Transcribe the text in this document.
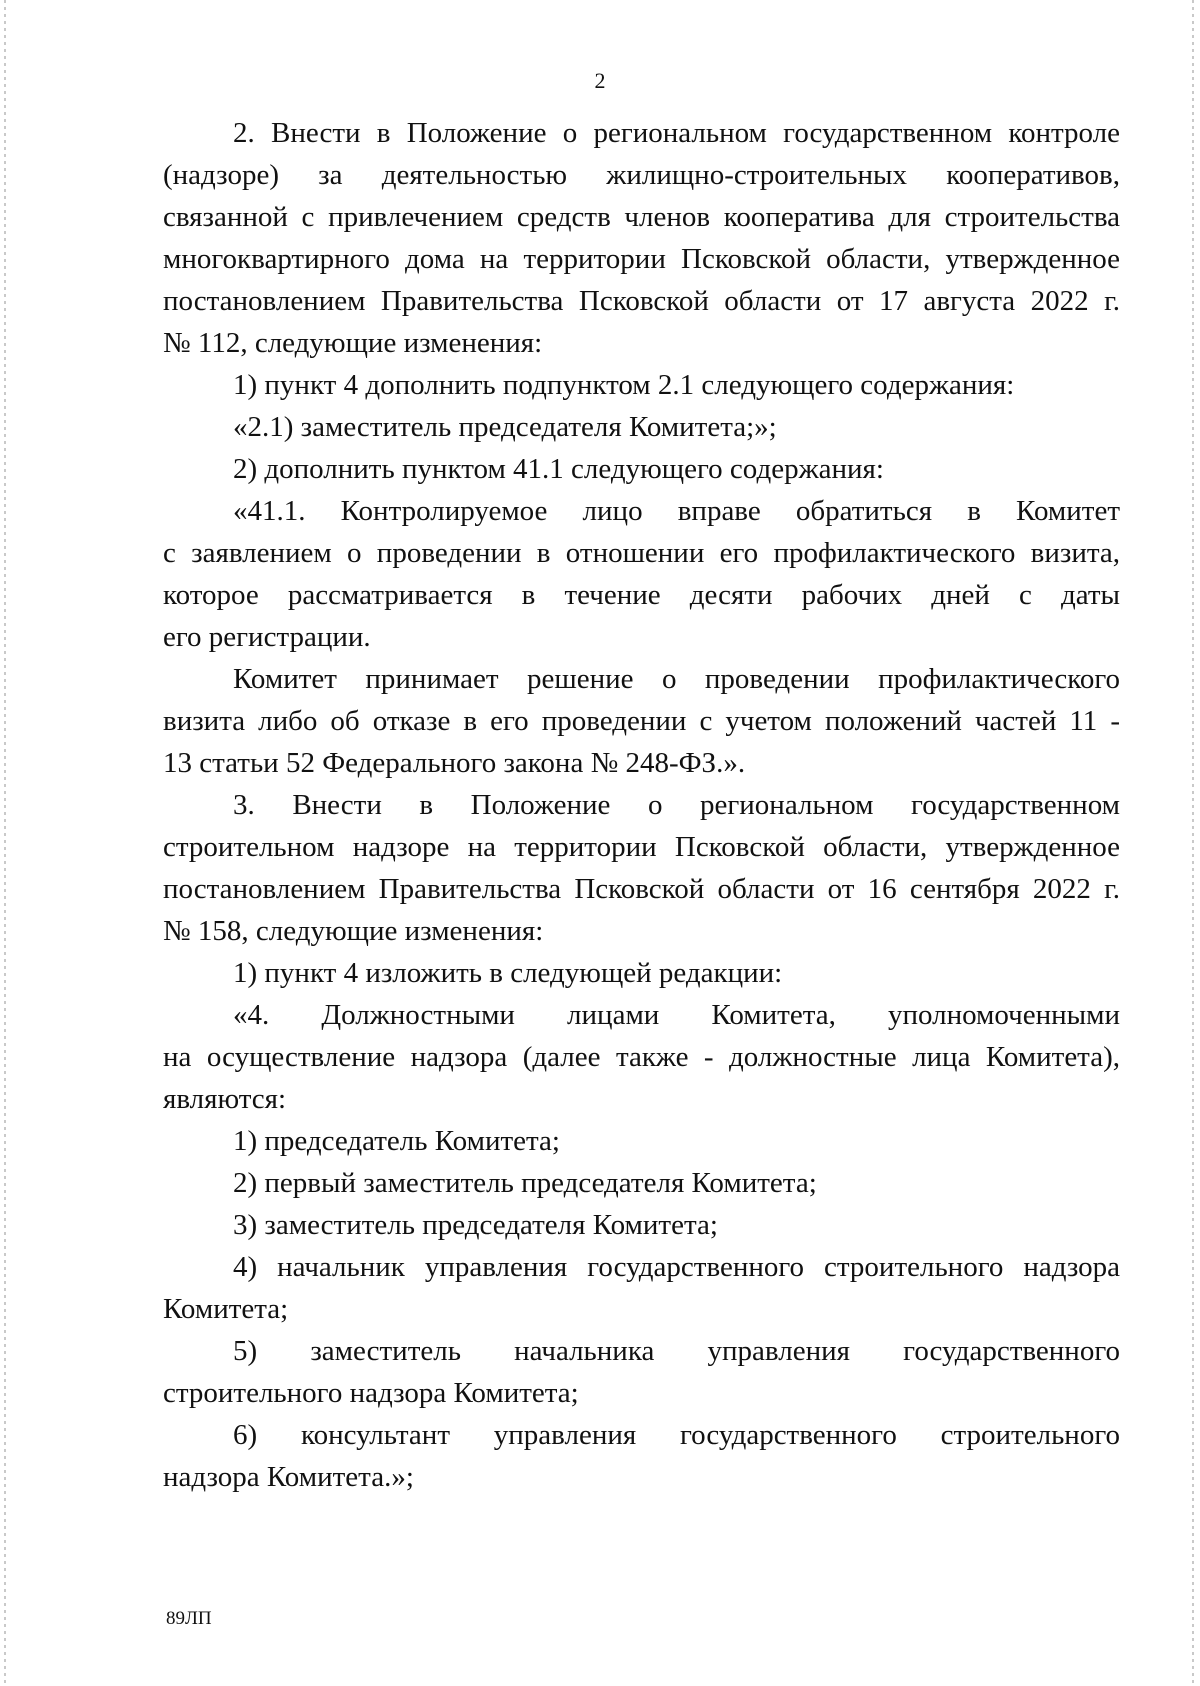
2
2. Внести в Положение о региональном государственном контроле
(надзоре) за деятельностью жилищно-строительных кооперативов,
связанной с привлечением средств членов кооператива для строительства
многоквартирного дома на территории Псковской области, утвержденное
постановлением Правительства Псковской области от 17 августа 2022 г.
№ 112, следующие изменения:
1) пункт 4 дополнить подпунктом 2.1 следующего содержания:
«2.1) заместитель председателя Комитета;»;
2) дополнить пунктом 41.1 следующего содержания:
«41.1. Контролируемое лицо вправе обратиться в Комитет
с заявлением о проведении в отношении его профилактического визита,
которое рассматривается в течение десяти рабочих дней с даты
его регистрации.
Комитет принимает решение о проведении профилактического
визита либо об отказе в его проведении с учетом положений частей 11 -
13 статьи 52 Федерального закона № 248-ФЗ.».
3. Внести в Положение о региональном государственном
строительном надзоре на территории Псковской области, утвержденное
постановлением Правительства Псковской области от 16 сентября 2022 г.
№ 158, следующие изменения:
1) пункт 4 изложить в следующей редакции:
«4. Должностными лицами Комитета, уполномоченными
на осуществление надзора (далее также - должностные лица Комитета),
являются:
1) председатель Комитета;
2) первый заместитель председателя Комитета;
3) заместитель председателя Комитета;
4) начальник управления государственного строительного надзора
Комитета;
5) заместитель начальника управления государственного
строительного надзора Комитета;
6) консультант управления государственного строительного
надзора Комитета.»;
89ЛП
